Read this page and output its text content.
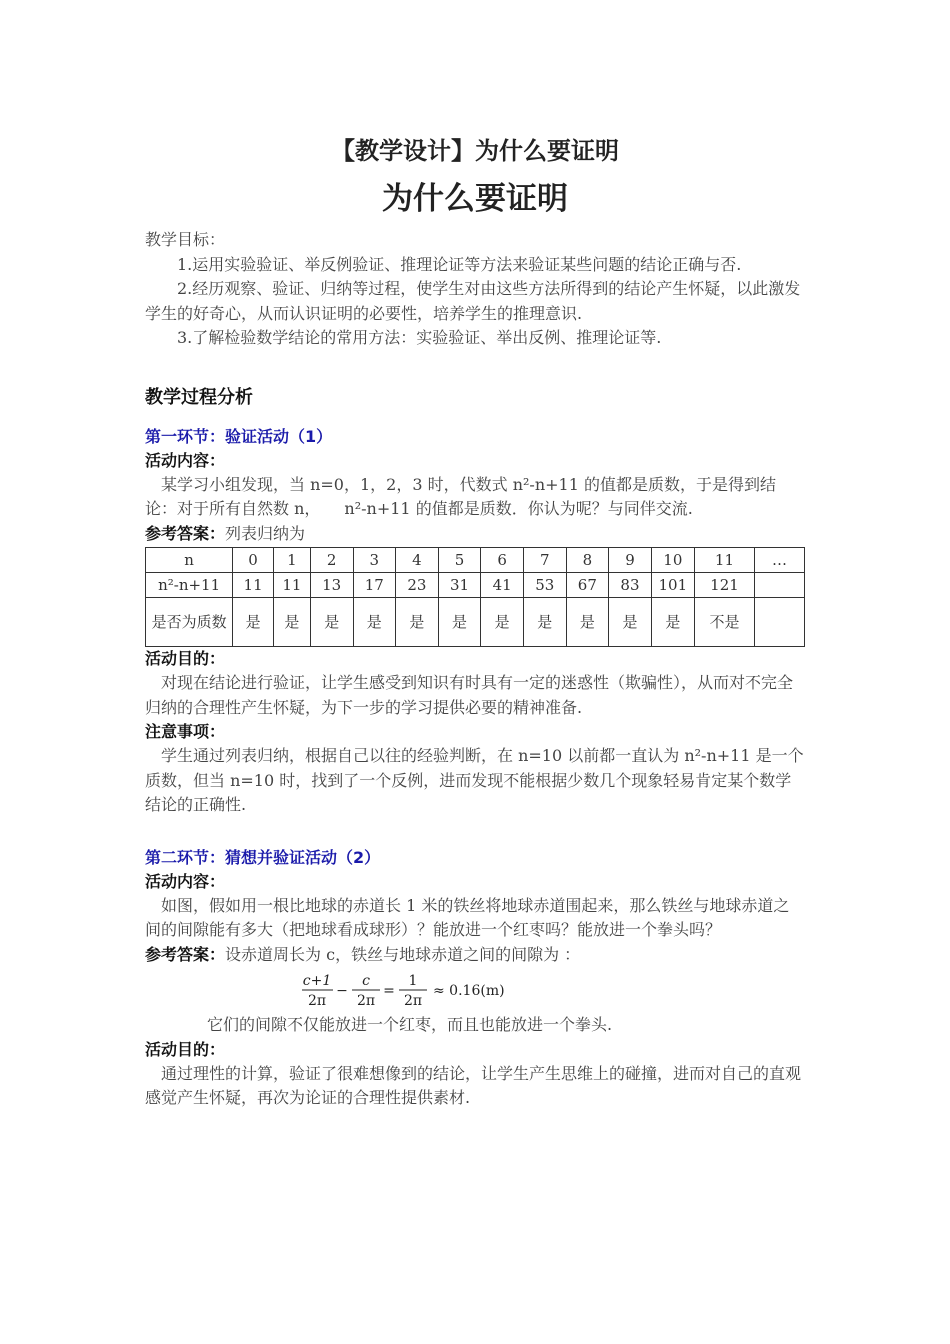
【教学设计】为什么要证明
为什么要证明

教学目标：

1.运用实验验证、举反例验证、推理论证等方法来验证某些问题的结论正确与否.

2.经历观察、验证、归纳等过程，使学生对由这些方法所得到的结论产生怀疑，以此激发学生的好奇心，从而认识证明的必要性，培养学生的推理意识.

3.了解检验数学结论的常用方法：实验验证、举出反例、推理论证等.

教学过程分析
第一环节：验证活动（1）
活动内容：

某学习小组发现，当 n=0，1，2，3 时，代数式 n²-n+11 的值都是质数，于是得到结论：对于所有自然数 n，   n²-n+11 的值都是质数．你认为呢？与同伴交流.

参考答案：列表归纳为

n	0	1	2	3	4	5	6	7	8	9	10	11	…
n²-n+11	11	11	13	17	23	31	41	53	67	83	101	121	
是否为质数	是	是	是	是	是	是	是	是	是	是	是	不是	
活动目的：

对现在结论进行验证，让学生感受到知识有时具有一定的迷惑性（欺骗性），从而对不完全归纳的合理性产生怀疑，为下一步的学习提供必要的精神准备.

注意事项：

学生通过列表归纳，根据自己以往的经验判断，在 n=10 以前都一直认为 n²-n+11 是一个质数，但当 n=10 时，找到了一个反例，进而发现不能根据少数几个现象轻易肯定某个数学结论的正确性.

第二环节：猜想并验证活动（2）
活动内容：

如图，假如用一根比地球的赤道长 1 米的铁丝将地球赤道围起来，那么铁丝与地球赤道之间的间隙能有多大（把地球看成球形）？能放进一个红枣吗？能放进一个拳头吗？

参考答案：设赤道周长为 c，铁丝与地球赤道之间的间隙为 ：

c+1
2π
−
c
2π
=
1
2π
≈ 0.16(m)

它们的间隙不仅能放进一个红枣，而且也能放进一个拳头.

活动目的：

通过理性的计算，验证了很难想像到的结论，让学生产生思维上的碰撞，进而对自己的直观感觉产生怀疑，再次为论证的合理性提供素材.
